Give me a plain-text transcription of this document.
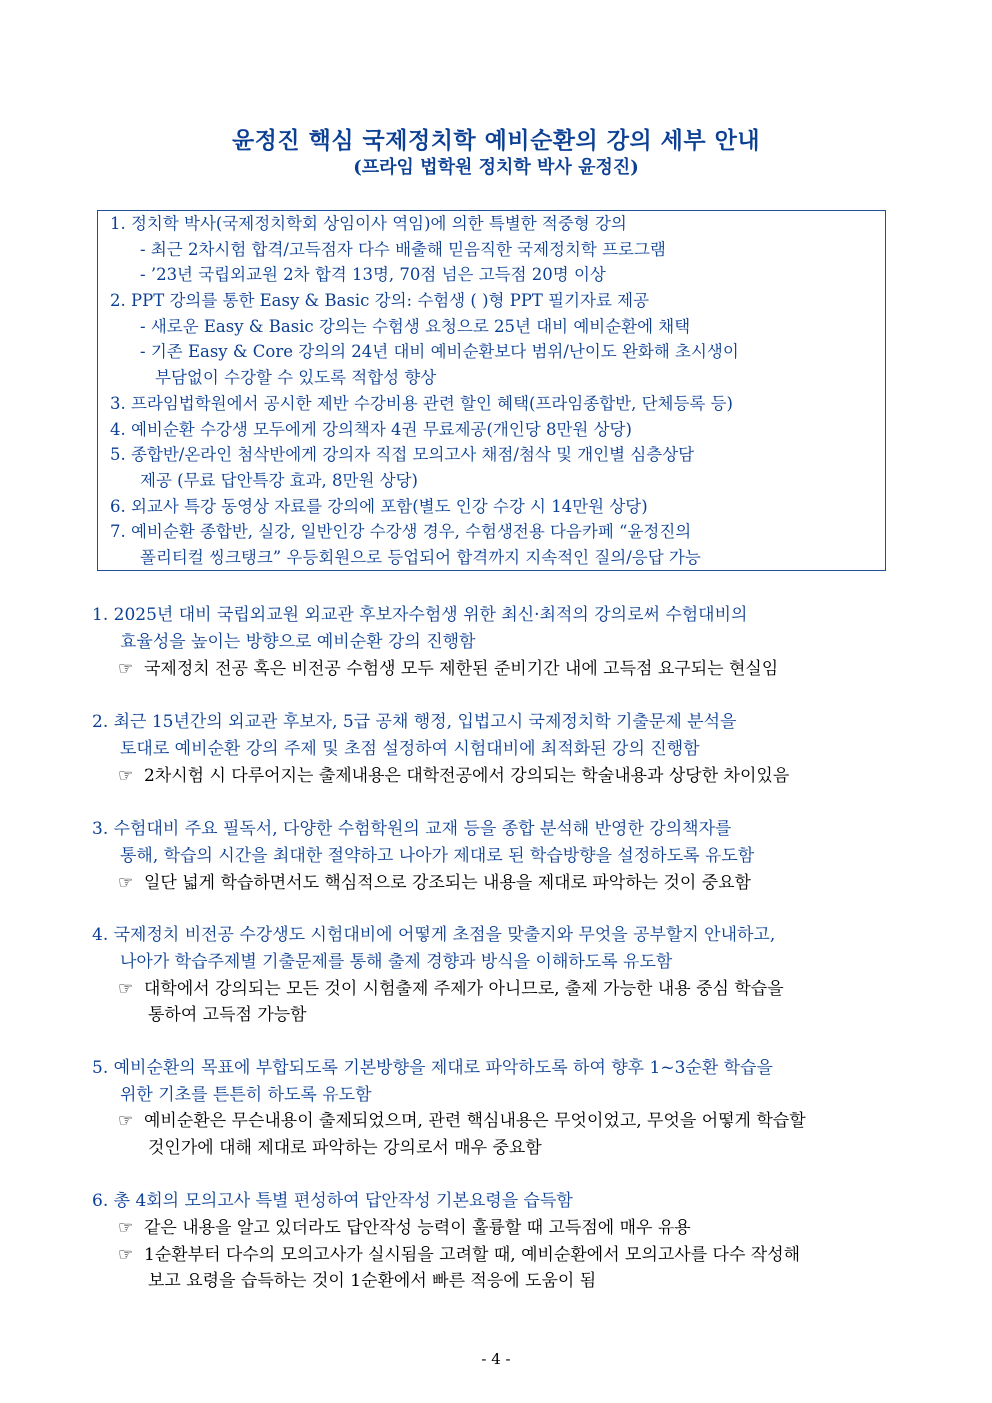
윤정진 핵심 국제정치학 예비순환의 강의 세부 안내
(프라임 법학원 정치학 박사 윤정진)
1. 정치학 박사(국제정치학회 상임이사 역임)에 의한 특별한 적중형 강의
- 최근 2차시험 합격/고득점자 다수 배출해 믿음직한 국제정치학 프로그램
- ’23년 국립외교원 2차 합격 13명, 70점 넘은 고득점 20명 이상
2. PPT 강의를 통한 Easy & Basic 강의: 수험생 ( )형 PPT 필기자료 제공
- 새로운 Easy & Basic 강의는 수험생 요청으로 25년 대비 예비순환에 채택
- 기존 Easy & Core 강의의 24년 대비 예비순환보다 범위/난이도 완화해 초시생이
부담없이 수강할 수 있도록 적합성 향상
3. 프라임법학원에서 공시한 제반 수강비용 관련 할인 혜택(프라임종합반, 단체등록 등)
4. 예비순환 수강생 모두에게 강의책자 4권 무료제공(개인당 8만원 상당)
5. 종합반/온라인 첨삭반에게 강의자 직접 모의고사 채점/첨삭 및 개인별 심층상담
제공 (무료 답안특강 효과, 8만원 상당)
6. 외교사 특강 동영상 자료를 강의에 포함(별도 인강 수강 시 14만원 상당)
7. 예비순환 종합반, 실강, 일반인강 수강생 경우, 수험생전용 다음카페 “윤정진의
폴리티컬 씽크탱크” 우등회원으로 등업되어 합격까지 지속적인 질의/응답 가능
1. 2025년 대비 국립외교원 외교관 후보자수험생 위한 최신·최적의 강의로써 수험대비의
효율성을 높이는 방향으로 예비순환 강의 진행함
☞ 국제정치 전공 혹은 비전공 수험생 모두 제한된 준비기간 내에 고득점 요구되는 현실임
2. 최근 15년간의 외교관 후보자, 5급 공채 행정, 입법고시 국제정치학 기출문제 분석을
토대로 예비순환 강의 주제 및 초점 설정하여 시험대비에 최적화된 강의 진행함
☞ 2차시험 시 다루어지는 출제내용은 대학전공에서 강의되는 학술내용과 상당한 차이있음
3. 수험대비 주요 필독서, 다양한 수험학원의 교재 등을 종합 분석해 반영한 강의책자를
통해, 학습의 시간을 최대한 절약하고 나아가 제대로 된 학습방향을 설정하도록 유도함
☞ 일단 넓게 학습하면서도 핵심적으로 강조되는 내용을 제대로 파악하는 것이 중요함
4. 국제정치 비전공 수강생도 시험대비에 어떻게 초점을 맞출지와 무엇을 공부할지 안내하고,
나아가 학습주제별 기출문제를 통해 출제 경향과 방식을 이해하도록 유도함
☞ 대학에서 강의되는 모든 것이 시험출제 주제가 아니므로, 출제 가능한 내용 중심 학습을
통하여 고득점 가능함
5. 예비순환의 목표에 부합되도록 기본방향을 제대로 파악하도록 하여 향후 1~3순환 학습을
위한 기초를 튼튼히 하도록 유도함
☞ 예비순환은 무슨내용이 출제되었으며, 관련 핵심내용은 무엇이었고, 무엇을 어떻게 학습할
것인가에 대해 제대로 파악하는 강의로서 매우 중요함
6. 총 4회의 모의고사 특별 편성하여 답안작성 기본요령을 습득함
☞ 같은 내용을 알고 있더라도 답안작성 능력이 훌륭할 때 고득점에 매우 유용
☞ 1순환부터 다수의 모의고사가 실시됨을 고려할 때, 예비순환에서 모의고사를 다수 작성해
보고 요령을 습득하는 것이 1순환에서 빠른 적응에 도움이 됨
- 4 -
